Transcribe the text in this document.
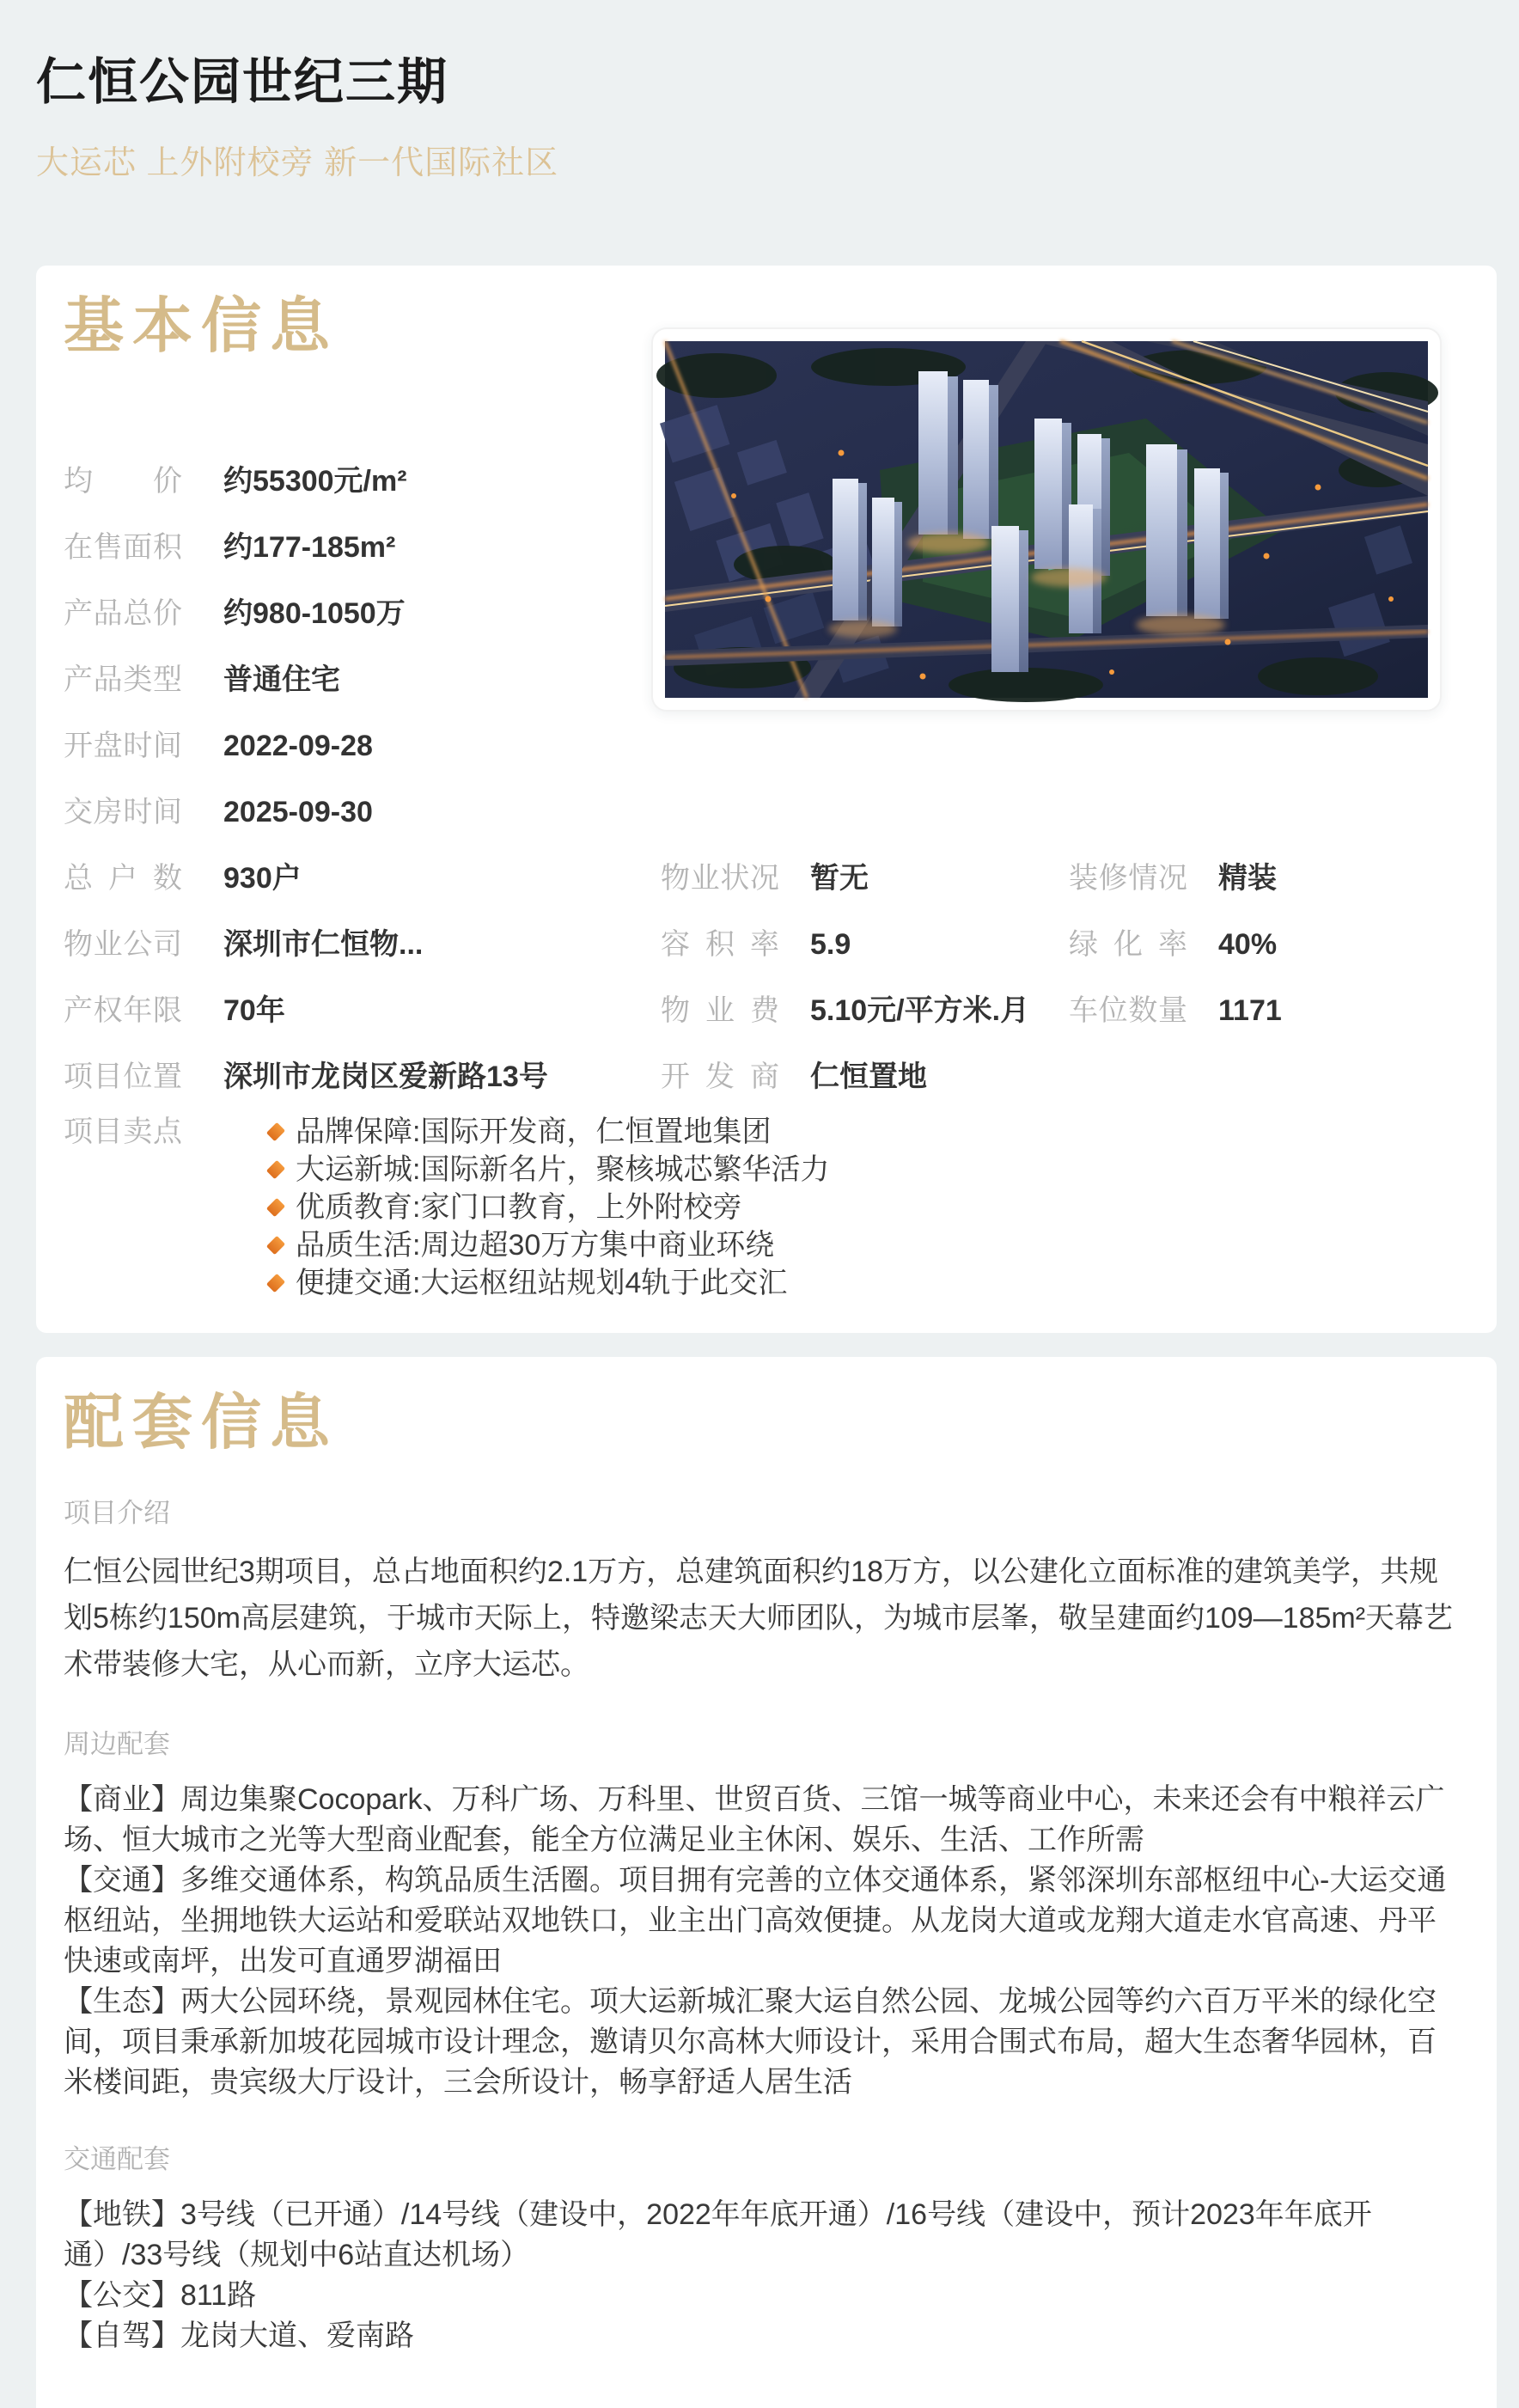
仁恒公园世纪三期
大运芯 上外附校旁 新一代国际社区
基本信息
均价 约55300元/m²
在售面积 约177-185m²
产品总价 约980-1050万
产品类型 普通住宅
开盘时间 2022-09-28
交房时间 2025-09-30
总户数 930户	物业状况 暂无	装修情况 精装
物业公司 深圳市仁恒物...	容积率 5.9	绿化率 40%
产权年限 70年	物业费 5.10元/平方米.月 车位数量 1171
项目位置 深圳市龙岗区爱新路13号	开发商 仁恒置地
项目卖点	品牌保障:国际开发商，仁恒置地集团
大运新城:国际新名片，聚核城芯繁华活力
优质教育:家门口教育，上外附校旁
品质生活:周边超30万方集中商业环绕
便捷交通:大运枢纽站规划4轨于此交汇
配套信息
项目介绍

仁恒公园世纪3期项目，总占地面积约2.1万方，总建筑面积约18万方，以公建化立面标准的建筑美学，共规划5栋约150m高层建筑，于城市天际上，特邀梁志天大师团队，为城市层峯，敬呈建面约109—185m²天幕艺术带装修大宅，从心而新，立序大运芯。

周边配套

【商业】周边集聚Cocopark、万科广场、万科里、世贸百货、三馆一城等商业中心，未来还会有中粮祥云广场、恒大城市之光等大型商业配套，能全方位满足业主休闲、娱乐、生活、工作所需

【交通】多维交通体系，构筑品质生活圈。项目拥有完善的立体交通体系，紧邻深圳东部枢纽中心-大运交通枢纽站，坐拥地铁大运站和爱联站双地铁口，业主出门高效便捷。从龙岗大道或龙翔大道走水官高速、丹平快速或南坪，出发可直通罗湖福田

【生态】两大公园环绕，景观园林住宅。项大运新城汇聚大运自然公园、龙城公园等约六百万平米的绿化空间，项目秉承新加坡花园城市设计理念，邀请贝尔高林大师设计，采用合围式布局，超大生态奢华园林，百米楼间距，贵宾级大厅设计，三会所设计，畅享舒适人居生活

交通配套

【地铁】3号线（已开通）/14号线（建设中，2022年年底开通）/16号线（建设中，预计2023年年底开通）/33号线（规划中6站直达机场）

【公交】811路

【自驾】龙岗大道、爱南路
